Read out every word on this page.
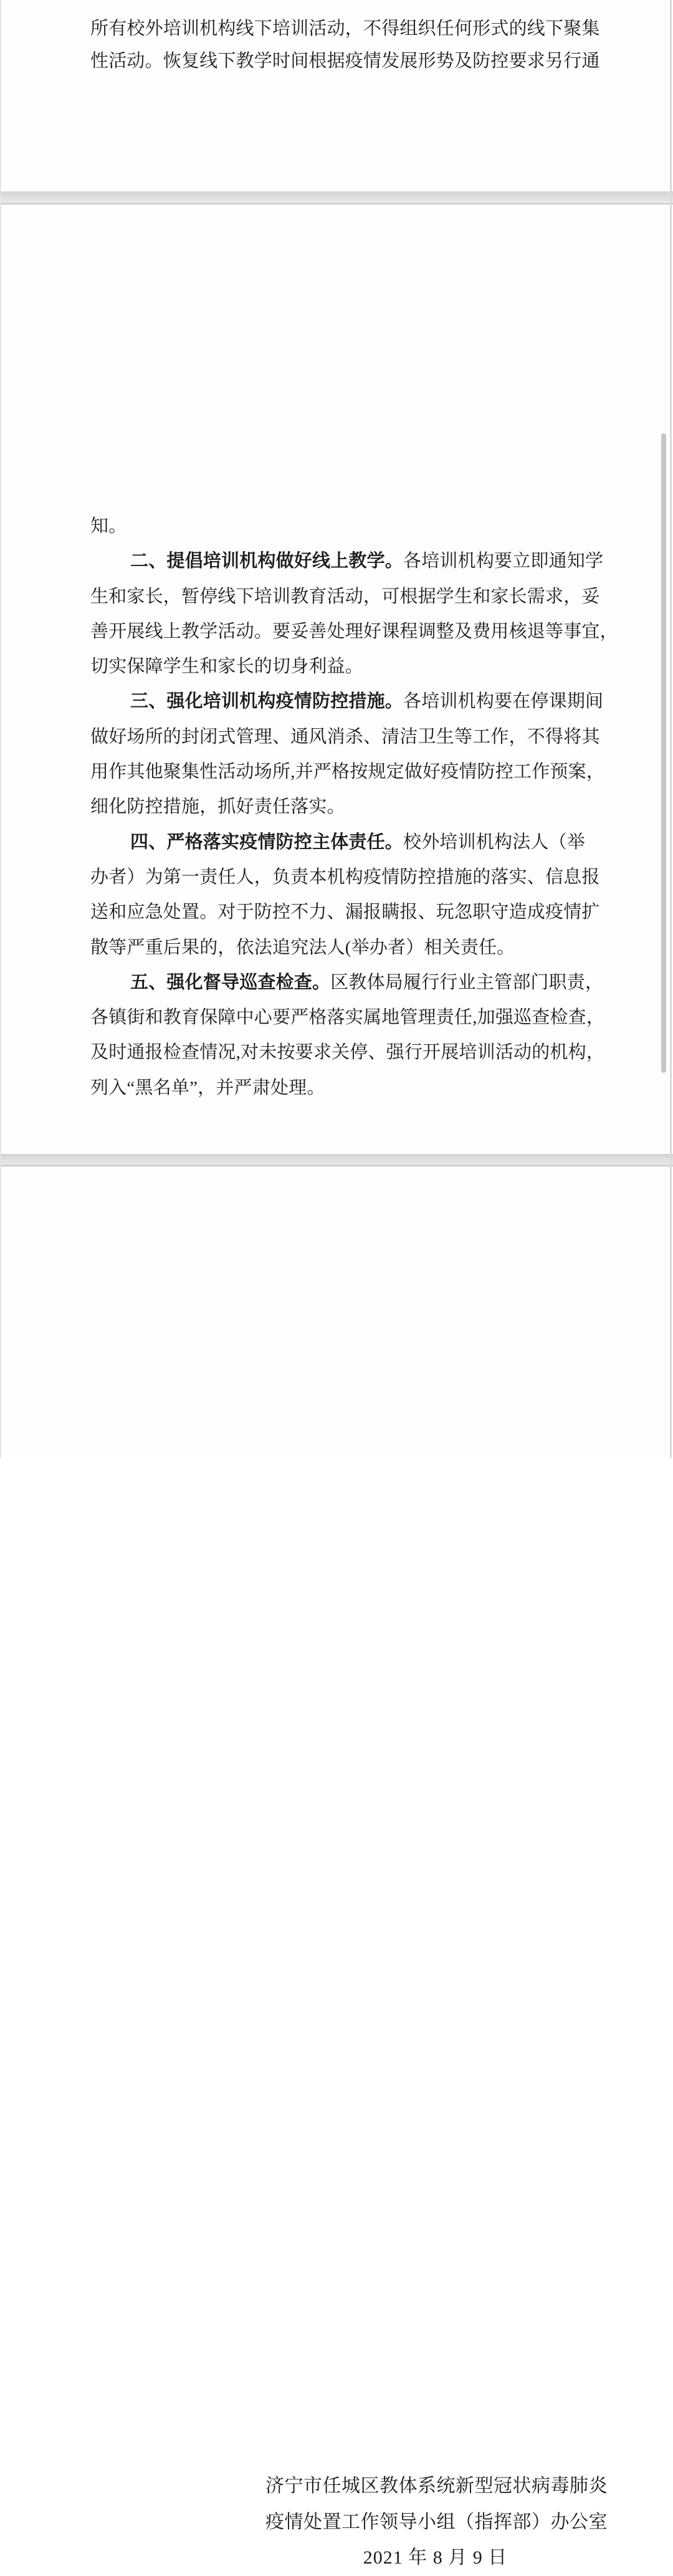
所有校外培训机构线下培训活动，不得组织任何形式的线下聚集
性活动。恢复线下教学时间根据疫情发展形势及防控要求另行通
知。
二、提倡培训机构做好线上教学。各培训机构要立即通知学
生和家长，暂停线下培训教育活动，可根据学生和家长需求，妥
善开展线上教学活动。要妥善处理好课程调整及费用核退等事宜，
切实保障学生和家长的切身利益。
三、强化培训机构疫情防控措施。各培训机构要在停课期间
做好场所的封闭式管理、通风消杀、清洁卫生等工作，不得将其
用作其他聚集性活动场所,并严格按规定做好疫情防控工作预案，
细化防控措施，抓好责任落实。
四、严格落实疫情防控主体责任。校外培训机构法人（举
办者）为第一责任人，负责本机构疫情防控措施的落实、信息报
送和应急处置。对于防控不力、漏报瞒报、玩忽职守造成疫情扩
散等严重后果的，依法追究法人(举办者）相关责任。
五、强化督导巡查检查。区教体局履行行业主管部门职责，
各镇街和教育保障中心要严格落实属地管理责任,加强巡查检查，
及时通报检查情况,对未按要求关停、强行开展培训活动的机构，
列入“黑名单”，并严肃处理。
济宁市任城区教体系统新型冠状病毒肺炎
疫情处置工作领导小组（指挥部）办公室
2021 年 8 月 9 日
